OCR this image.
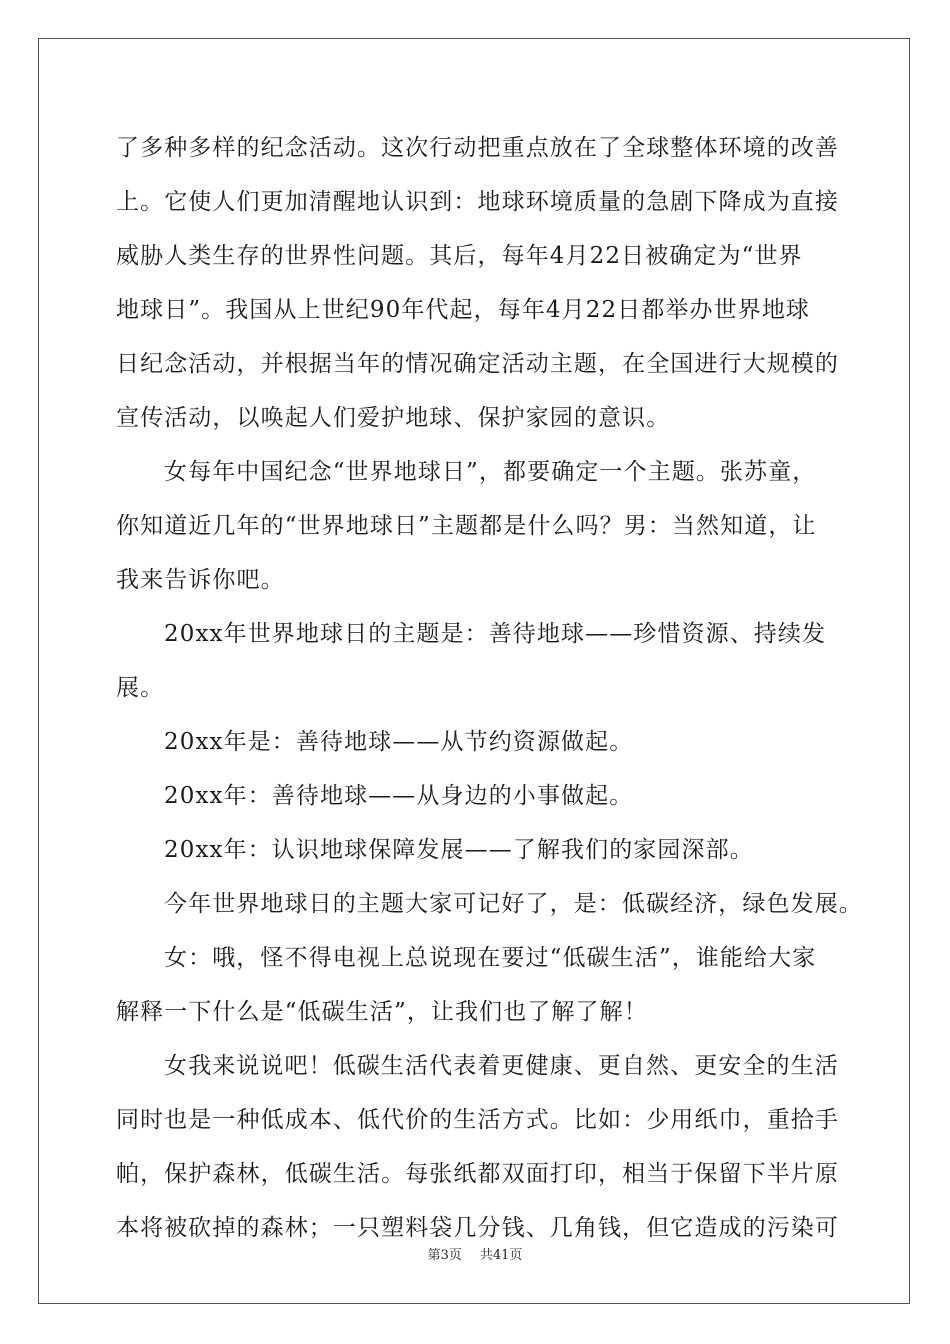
了多种多样的纪念活动。这次行动把重点放在了全球整体环境的改善
上。它使人们更加清醒地认识到：地球环境质量的急剧下降成为直接
威胁人类生存的世界性问题。其后，每年4月22日被确定为“世界
地球日”。我国从上世纪90年代起，每年4月22日都举办世界地球
日纪念活动，并根据当年的情况确定活动主题，在全国进行大规模的
宣传活动，以唤起人们爱护地球、保护家园的意识。
女每年中国纪念“世界地球日”，都要确定一个主题。张苏童，
你知道近几年的“世界地球日”主题都是什么吗？男：当然知道，让
我来告诉你吧。
20xx年世界地球日的主题是：善待地球——珍惜资源、持续发
展。
20xx年是：善待地球——从节约资源做起。
20xx年：善待地球——从身边的小事做起。
20xx年：认识地球保障发展——了解我们的家园深部。
今年世界地球日的主题大家可记好了，是：低碳经济，绿色发展。
女：哦，怪不得电视上总说现在要过“低碳生活”，谁能给大家
解释一下什么是“低碳生活”，让我们也了解了解！
女我来说说吧！低碳生活代表着更健康、更自然、更安全的生活
同时也是一种低成本、低代价的生活方式。比如：少用纸巾，重拾手
帕，保护森林，低碳生活。每张纸都双面打印，相当于保留下半片原
本将被砍掉的森林；一只塑料袋几分钱、几角钱，但它造成的污染可
第3页 共41页
